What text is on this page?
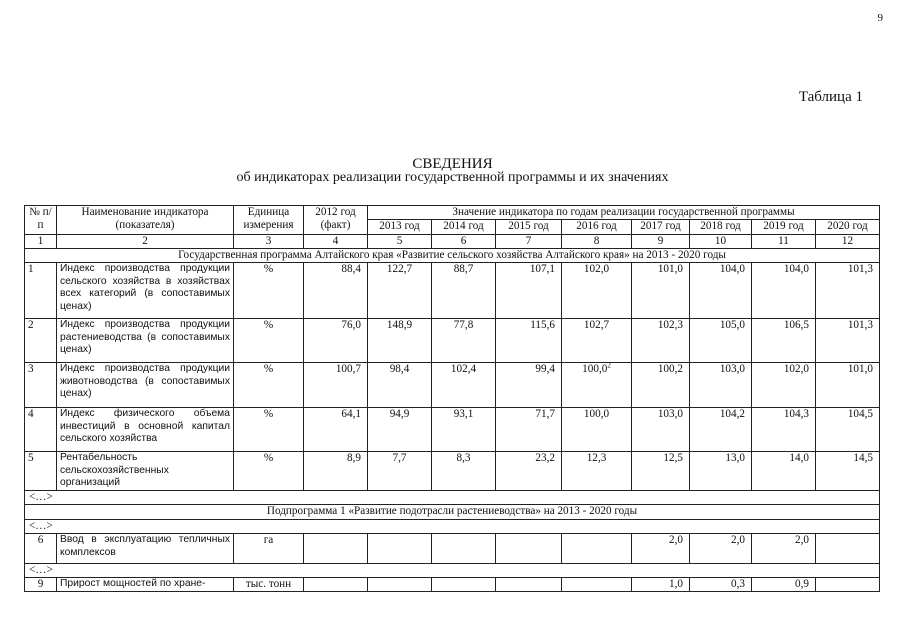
9
Таблица 1
СВЕДЕНИЯ
об индикаторах реализации государственной программы и их значениях
№ п/п	Наименование индикатора (показателя)	Единица измерения	2012 год (факт)	Значение индикатора по годам реализации государственной программы							
				2013 год	2014 год	2015 год	2016 год	2017 год	2018 год	2019 год	2020 год
1	2	3	4	5	6	7	8	9	10	11	12
Государственная программа Алтайского края «Развитие сельского хозяйства Алтайского края» на 2013 - 2020 годы											
1	Индекс производства продукции сельского хозяйства в хозяйствах всех категорий (в сопоставимых ценах)	%	88,4	122,7	88,7	107,1	102,0	101,0	104,0	104,0	101,3
2	Индекс производства продукции растениеводства (в сопоставимых ценах)	%	76,0	148,9	77,8	115,6	102,7	102,3	105,0	106,5	101,3
3	Индекс производства продукции животноводства (в сопоставимых ценах)	%	100,7	98,4	102,4	99,4	100,0$^2$	100,2	103,0	102,0	101,0
4	Индекс физического объема инвестиций в основной капитал сельского хозяйства	%	64,1	94,9	93,1	71,7	100,0	103,0	104,2	104,3	104,5
5	Рентабельность сельскохозяйственных организаций	%	8,9	7,7	8,3	23,2	12,3	12,5	13,0	14,0	14,5
<…>											
Подпрограмма 1 «Развитие подотрасли растениеводства» на 2013 - 2020 годы											
<…>											
6	Ввод в эксплуатацию тепличных комплексов	га						2,0	2,0	2,0	
<…>											
9	Прирост мощностей по хране-	тыс. тонн						1,0	0,3	0,9	
